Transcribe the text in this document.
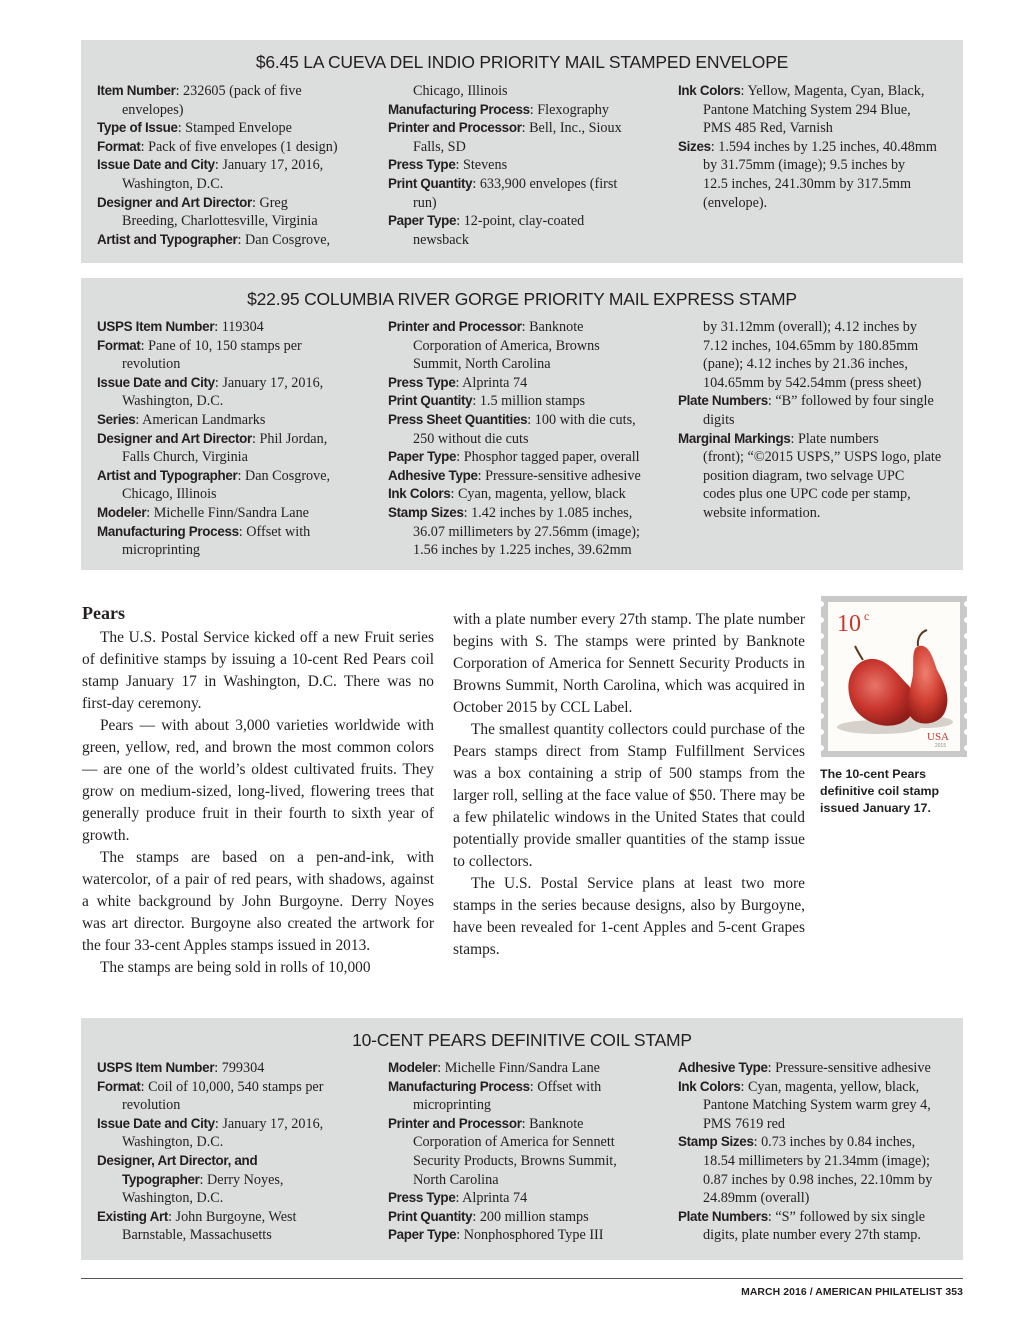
$6.45 LA CUEVA DEL INDIO PRIORITY MAIL STAMPED ENVELOPE
Item Number: 232605 (pack of five
envelopes)
Type of Issue: Stamped Envelope
Format: Pack of five envelopes (1 design)
Issue Date and City: January 17, 2016,
Washington, D.C.
Designer and Art Director: Greg
Breeding, Charlottesville, Virginia
Artist and Typographer: Dan Cosgrove,
Chicago, Illinois
Manufacturing Process: Flexography
Printer and Processor: Bell, Inc., Sioux
Falls, SD
Press Type: Stevens
Print Quantity: 633,900 envelopes (first
run)
Paper Type: 12-point, clay-coated
newsback
Ink Colors: Yellow, Magenta, Cyan, Black,
Pantone Matching System 294 Blue,
PMS 485 Red, Varnish
Sizes: 1.594 inches by 1.25 inches, 40.48mm
by 31.75mm (image); 9.5 inches by
12.5 inches, 241.30mm by 317.5mm
(envelope).
$22.95 COLUMBIA RIVER GORGE PRIORITY MAIL EXPRESS STAMP
USPS Item Number: 119304
Format: Pane of 10, 150 stamps per
revolution
Issue Date and City: January 17, 2016,
Washington, D.C.
Series: American Landmarks
Designer and Art Director: Phil Jordan,
Falls Church, Virginia
Artist and Typographer: Dan Cosgrove,
Chicago, Illinois
Modeler: Michelle Finn/Sandra Lane
Manufacturing Process: Offset with
microprinting
Printer and Processor: Banknote
Corporation of America, Browns
Summit, North Carolina
Press Type: Alprinta 74
Print Quantity: 1.5 million stamps
Press Sheet Quantities: 100 with die cuts,
250 without die cuts
Paper Type: Phosphor tagged paper, overall
Adhesive Type: Pressure-sensitive adhesive
Ink Colors: Cyan, magenta, yellow, black
Stamp Sizes: 1.42 inches by 1.085 inches,
36.07 millimeters by 27.56mm (image);
1.56 inches by 1.225 inches, 39.62mm
by 31.12mm (overall); 4.12 inches by
7.12 inches, 104.65mm by 180.85mm
(pane); 4.12 inches by 21.36 inches,
104.65mm by 542.54mm (press sheet)
Plate Numbers: “B” followed by four single
digits
Marginal Markings: Plate numbers
(front); “©2015 USPS,” USPS logo, plate
position diagram, two selvage UPC
codes plus one UPC code per stamp,
website information.
Pears

The U.S. Postal Service kicked off a new Fruit series of definitive stamps by issuing a 10-cent Red Pears coil stamp January 17 in Washington, D.C. There was no first-day ceremony.

Pears — with about 3,000 varieties worldwide with green, yellow, red, and brown the most common colors — are one of the world’s oldest cultivated fruits. They grow on medium-sized, long-lived, flowering trees that generally produce fruit in their fourth to sixth year of growth.

The stamps are based on a pen-and-ink, with watercolor, of a pair of red pears, with shadows, against a white background by John Burgoyne. Derry Noyes was art director. Burgoyne also created the artwork for the four 33-cent Apples stamps issued in 2013.

The stamps are being sold in rolls of 10,000

with a plate number every 27th stamp. The plate number begins with S. The stamps were printed by Banknote Corporation of America for Sennett Security Products in Browns Summit, North Carolina, which was acquired in October 2015 by CCL Label.

The smallest quantity collectors could purchase of the Pears stamps direct from Stamp Fulfillment Services was a box containing a strip of 500 stamps from the larger roll, selling at the face value of $50. There may be a few philatelic windows in the United States that could potentially provide smaller quantities of the stamp issue to collectors.

The U.S. Postal Service plans at least two more stamps in the series because designs, also by Burgoyne, have been revealed for 1-cent Apples and 5-cent Grapes stamps.

10 c
USA
2015
The 10-cent Pears definitive coil stamp issued January 17.
10-CENT PEARS DEFINITIVE COIL STAMP
USPS Item Number: 799304
Format: Coil of 10,000, 540 stamps per
revolution
Issue Date and City: January 17, 2016,
Washington, D.C.
Designer, Art Director, and
Typographer: Derry Noyes,
Washington, D.C.
Existing Art: John Burgoyne, West
Barnstable, Massachusetts
Modeler: Michelle Finn/Sandra Lane
Manufacturing Process: Offset with
microprinting
Printer and Processor: Banknote
Corporation of America for Sennett
Security Products, Browns Summit,
North Carolina
Press Type: Alprinta 74
Print Quantity: 200 million stamps
Paper Type: Nonphosphored Type III
Adhesive Type: Pressure-sensitive adhesive
Ink Colors: Cyan, magenta, yellow, black,
Pantone Matching System warm grey 4,
PMS 7619 red
Stamp Sizes: 0.73 inches by 0.84 inches,
18.54 millimeters by 21.34mm (image);
0.87 inches by 0.98 inches, 22.10mm by
24.89mm (overall)
Plate Numbers: “S” followed by six single
digits, plate number every 27th stamp.
MARCH 2016 / AMERICAN PHILATELIST 353
